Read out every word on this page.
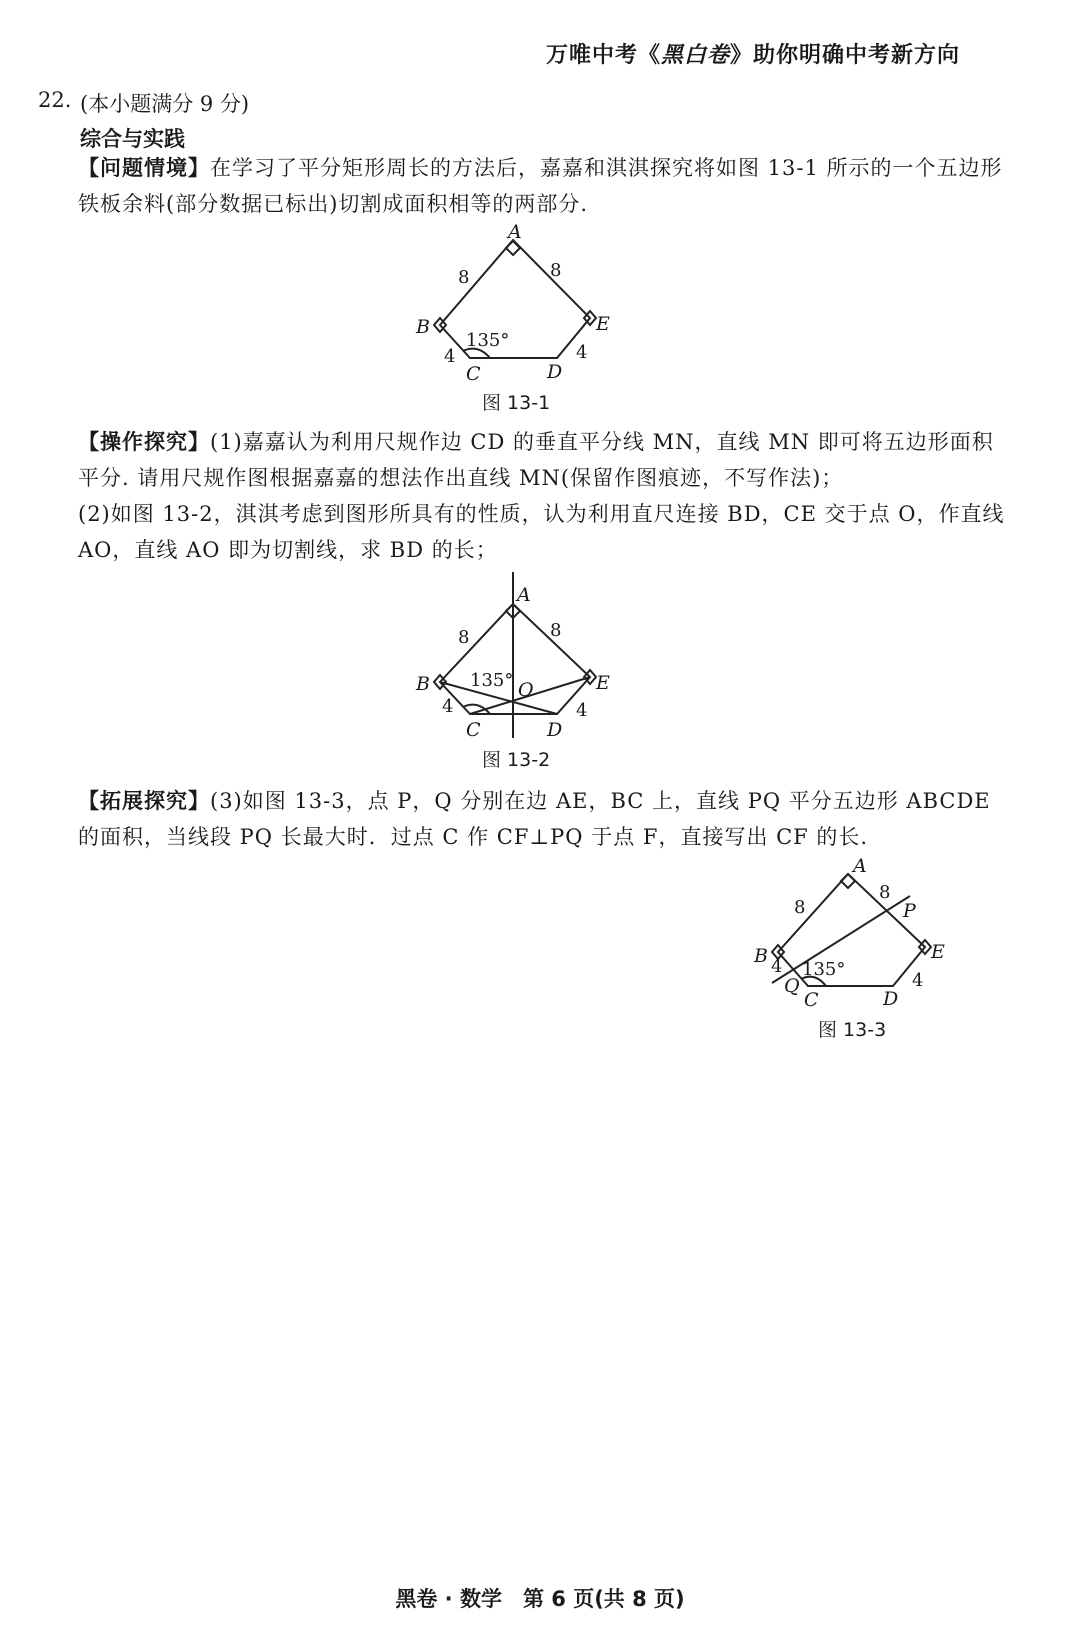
万唯中考《黑白卷》助你明确中考新方向
22. (本小题满分 9 分)
综合与实践
【问题情境】在学习了平分矩形周长的方法后，嘉嘉和淇淇探究将如图 13-1 所示的一个五边形铁板余料(部分数据已标出)切割成面积相等的两部分.
A
B
C	D
E
8	8
4	4
135°
图 13-1
【操作探究】(1)嘉嘉认为利用尺规作边 CD 的垂直平分线 MN，直线 MN 即可将五边形面积平分. 请用尺规作图根据嘉嘉的想法作出直线 MN(保留作图痕迹，不写作法)；
(2)如图 13-2，淇淇考虑到图形所具有的性质，认为利用直尺连接 BD，CE 交于点 O，作直线 AO，直线 AO 即为切割线，求 BD 的长；
A
B
C	D
E
O
8	8
4	4
135°
图 13-2
【拓展探究】(3)如图 13-3，点 P，Q 分别在边 AE，BC 上，直线 PQ 平分五边形 ABCDE 的面积，当线段 PQ 长最大时．过点 C 作 CF⊥PQ 于点 F，直接写出 CF 的长.
A
B
C	D
E
P
Q
8
8
4
4
135°
图 13-3
黑卷 · 数学　第 6 页(共 8 页)
